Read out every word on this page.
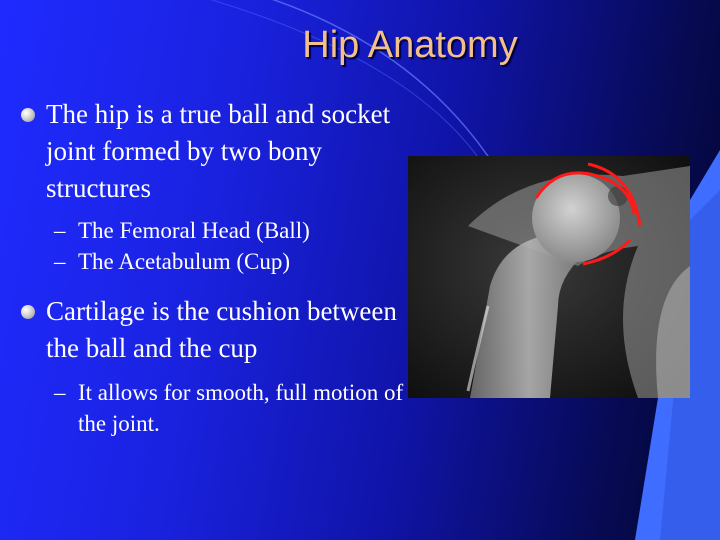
Hip Anatomy
The hip is a true ball and socket joint formed by two bony structures
– The Femoral Head (Ball)
– The Acetabulum (Cup)
Cartilage is the cushion between the ball and the cup
– It allows for smooth, full motion of the joint.
